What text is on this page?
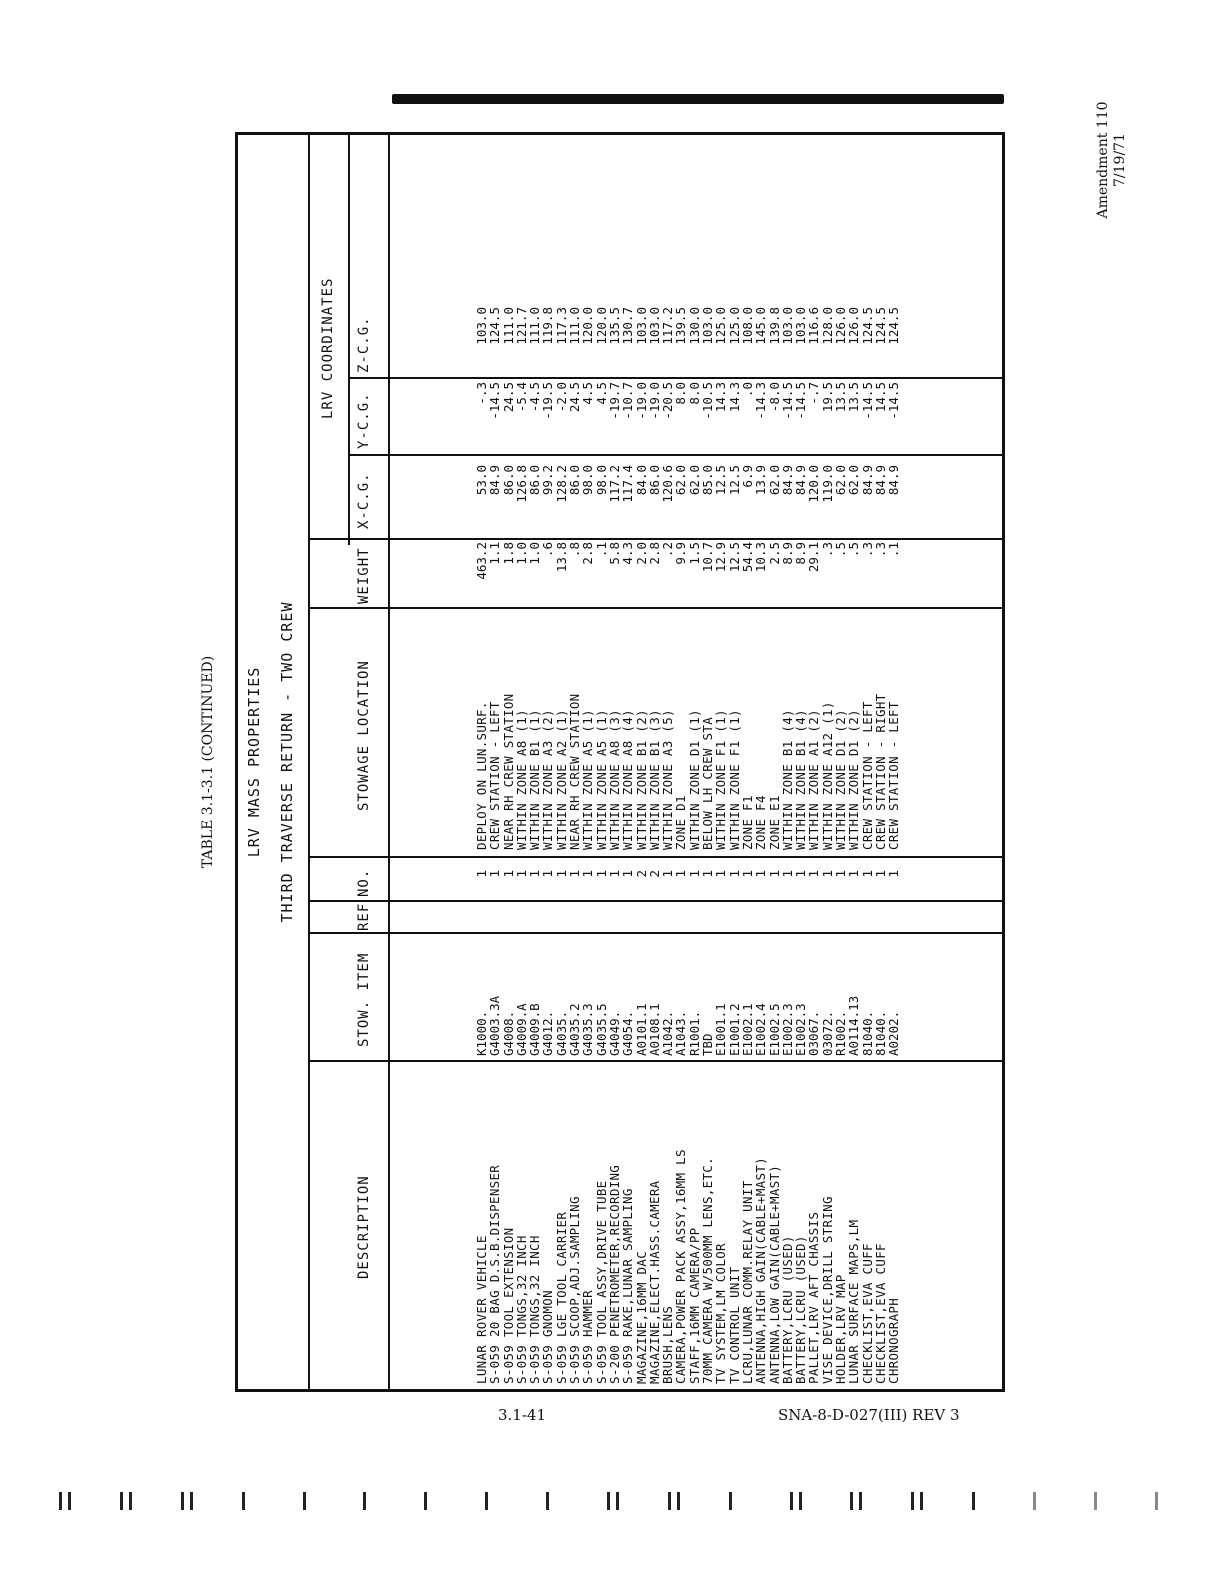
Amendment 110 7/19/71
TABLE 3.1-3.1 (CONTINUED) LRV MASS PROPERTIES THIRD TRAVERSE RETURN - TWO CREW
DESCRIPTION
STOW. ITEM
REF
NO.
STOWAGE LOCATION
WEIGHT
LRV COORDINATES
X-C.G.
Y-C.G.
Z-C.G.
LUNAR ROVER VEHICLE
K1000.
1
DEPLOY ON LUN.SURF.
463.2
53.0
-.3
103.0
S-059 20 BAG D.S.B.DISPENSER
G4003.3A
1
CREW STATION - LEFT
1.1
84.9
-14.5
124.5
S-059 TOOL EXTENSION
G4008.
1
NEAR RH CREW STATION
1.8
86.0
24.5
111.0
S-059 TONGS,32 INCH
G4009.A
1
WITHIN ZONE A8 (1)
1.0
126.8
-5.4
121.7
S-059 TONGS,32 INCH
G4009.B
1
WITHIN ZONE B1 (1)
1.0
86.0
-4.5
111.0
S-059 GNOMON
G4012.
1
WITHIN ZONE A3 (2)
.6
99.2
-19.5
119.8
S-059 LGE TOOL CARRIER
G4035.
1
WITHIN ZONE A2 (1)
13.8
128.2
-2.0
117.3
S-059 SCOOP,ADJ.SAMPLING
G4035.2
1
NEAR RH CREW STATION
.8
86.0
24.5
111.0
S-059 HAMMER
G4035.3
1
WITHIN ZONE A5 (1)
2.8
98.0
4.5
120.0
S-059 TOOL ASSY,DRIVE TUBE
G4035.5
1
WITHIN ZONE A5 (1)
.1
98.0
4.5
120.0
S-200 PENETROMETER,RECORDING
G4049.
1
WITHIN ZONE A8 (3)
5.8
117.2
-19.7
135.5
S-059 RAKE,LUNAR SAMPLING
G4054.
1
WITHIN ZONE A8 (4)
4.3
117.4
-10.7
130.7
MAGAZINE,16MM DAC
A0101.1
2
WITHIN ZONE B1 (2)
2.0
84.0
-19.0
103.0
MAGAZINE,ELECT.HASS.CAMERA
A0108.1
2
WITHIN ZONE B1 (3)
2.8
86.0
-19.0
103.0
BRUSH,LENS
A1042.
1
WITHIN ZONE A3 (5)
.2
120.6
-20.5
117.2
CAMERA,POWER PACK ASSY,16MM LS
A1043.
1
ZONE D1
9.9
62.0
8.0
139.5
STAFF,16MM CAMERA/PP
R1001.
1
WITHIN ZONE D1 (1)
1.5
62.0
8.0
130.0
70MM CAMERA W/500MM LENS,ETC.
TBD
1
BELOW LH CREW STA
10.7
85.0
-10.5
103.0
TV SYSTEM,LM COLOR
E1001.1
1
WITHIN ZONE F1 (1)
12.9
12.5
14.3
125.0
TV CONTROL UNIT
E1001.2
1
WITHIN ZONE F1 (1)
12.5
12.5
14.3
125.0
LCRU,LUNAR COMM.RELAY UNIT
E1002.1
1
ZONE F1
54.4
6.9
.0
108.0
ANTENNA,HIGH GAIN(CABLE+MAST)
E1002.4
1
ZONE F4
10.3
13.9
-14.3
145.0
ANTENNA,LOW GAIN(CABLE+MAST)
E1002.5
1
ZONE E1
2.5
62.0
-8.0
139.8
BATTERY,LCRU (USED)
E1002.3
1
WITHIN ZONE B1 (4)
8.9
84.9
-14.5
103.0
BATTERY,LCRU (USED)
E1002.3
1
WITHIN ZONE B1 (4)
8.9
84.9
-14.5
103.0
PALLET,LRV AFT CHASSIS
03067.
1
WITHIN ZONE A1 (2)
29.1
120.0
-.7
116.6
VISE DEVICE,DRILL STRING
03072.
1
WITHIN ZONE A12 (1)
.3
119.0
19.5
128.0
HOLDER,LRV MAP
R1002.
1
WITHIN ZONE D1 (2)
.5
62.0
13.5
126.0
LUNAR SURFACE MAPS,LM
A0114.13
1
WITHIN ZONE D1 (2)
.5
62.0
13.5
126.0
CHECKLIST,EVA CUFF
81040.
1
CREW STATION - LEFT
.3
84.9
-14.5
124.5
CHECKLIST,EVA CUFF
81040.
1
CREW STATION - RIGHT
.3
84.9
14.5
124.5
CHRONOGRAPH
A0202.
1
CREW STATION - LEFT
.1
84.9
-14.5
124.5
3.1-41	SNA-8-D-027(III) REV 3
